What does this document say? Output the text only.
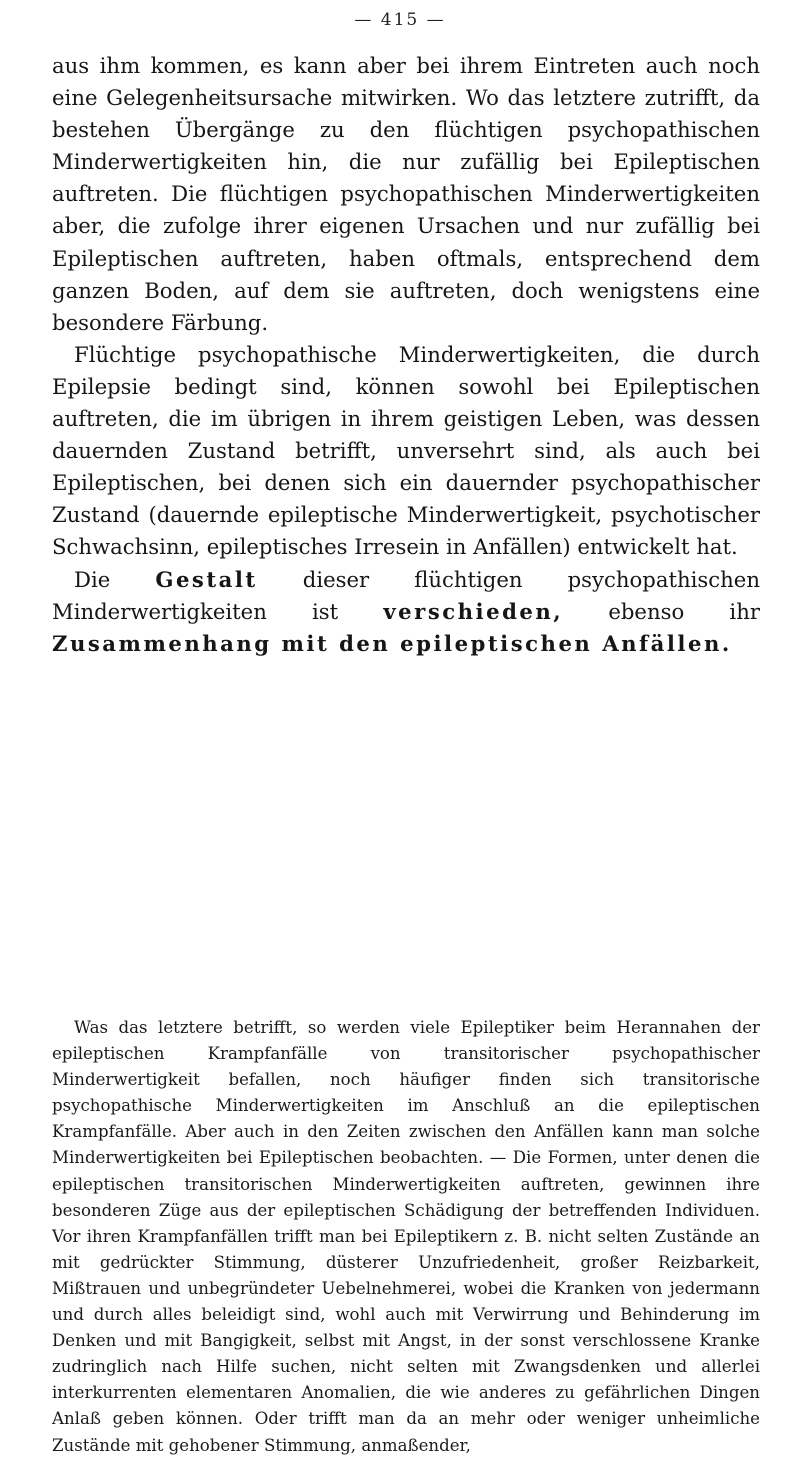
— 415 —

aus ihm kommen, es kann aber bei ihrem Eintreten auch noch eine Gelegenheitsursache mitwirken. Wo das letztere zutrifft, da bestehen Übergänge zu den flüchtigen psychopathischen Minderwertigkeiten hin, die nur zufällig bei Epileptischen auftreten. Die flüchtigen psychopathischen Minderwertigkeiten aber, die zufolge ihrer eigenen Ursachen und nur zufällig bei Epileptischen auftreten, haben oftmals, entsprechend dem ganzen Boden, auf dem sie auftreten, doch wenigstens eine besondere Färbung.

Flüchtige psychopathische Minderwertigkeiten, die durch Epilepsie bedingt sind, können sowohl bei Epileptischen auftreten, die im übrigen in ihrem geistigen Leben, was dessen dauernden Zustand betrifft, unversehrt sind, als auch bei Epileptischen, bei denen sich ein dauernder psychopathischer Zustand (dauernde epileptische Minderwertigkeit, psychotischer Schwachsinn, epileptisches Irresein in Anfällen) entwickelt hat.

Die Gestalt dieser flüchtigen psychopathischen Minderwertigkeiten ist verschieden, ebenso ihr Zusammenhang mit den epileptischen Anfällen.

Was das letztere betrifft, so werden viele Epileptiker beim Herannahen der epileptischen Krampfanfälle von transitorischer psychopathischer Minderwertigkeit befallen, noch häufiger finden sich transitorische psychopathische Minderwertigkeiten im Anschluß an die epileptischen Krampfanfälle. Aber auch in den Zeiten zwischen den Anfällen kann man solche Minderwertigkeiten bei Epileptischen beobachten. — Die Formen, unter denen die epileptischen transitorischen Minderwertigkeiten auftreten, gewinnen ihre besonderen Züge aus der epileptischen Schädigung der betreffenden Individuen. Vor ihren Krampfanfällen trifft man bei Epileptikern z. B. nicht selten Zustände an mit gedrückter Stimmung, düsterer Unzufriedenheit, großer Reizbarkeit, Mißtrauen und unbegründeter Uebelnehmerei, wobei die Kranken von jedermann und durch alles beleidigt sind, wohl auch mit Verwirrung und Behinderung im Denken und mit Bangigkeit, selbst mit Angst, in der sonst verschlossene Kranke zudringlich nach Hilfe suchen, nicht selten mit Zwangsdenken und allerlei interkurrenten elementaren Anomalien, die wie anderes zu gefährlichen Dingen Anlaß geben können. Oder trifft man da an mehr oder weniger unheimliche Zustände mit gehobener Stimmung, anmaßender,
